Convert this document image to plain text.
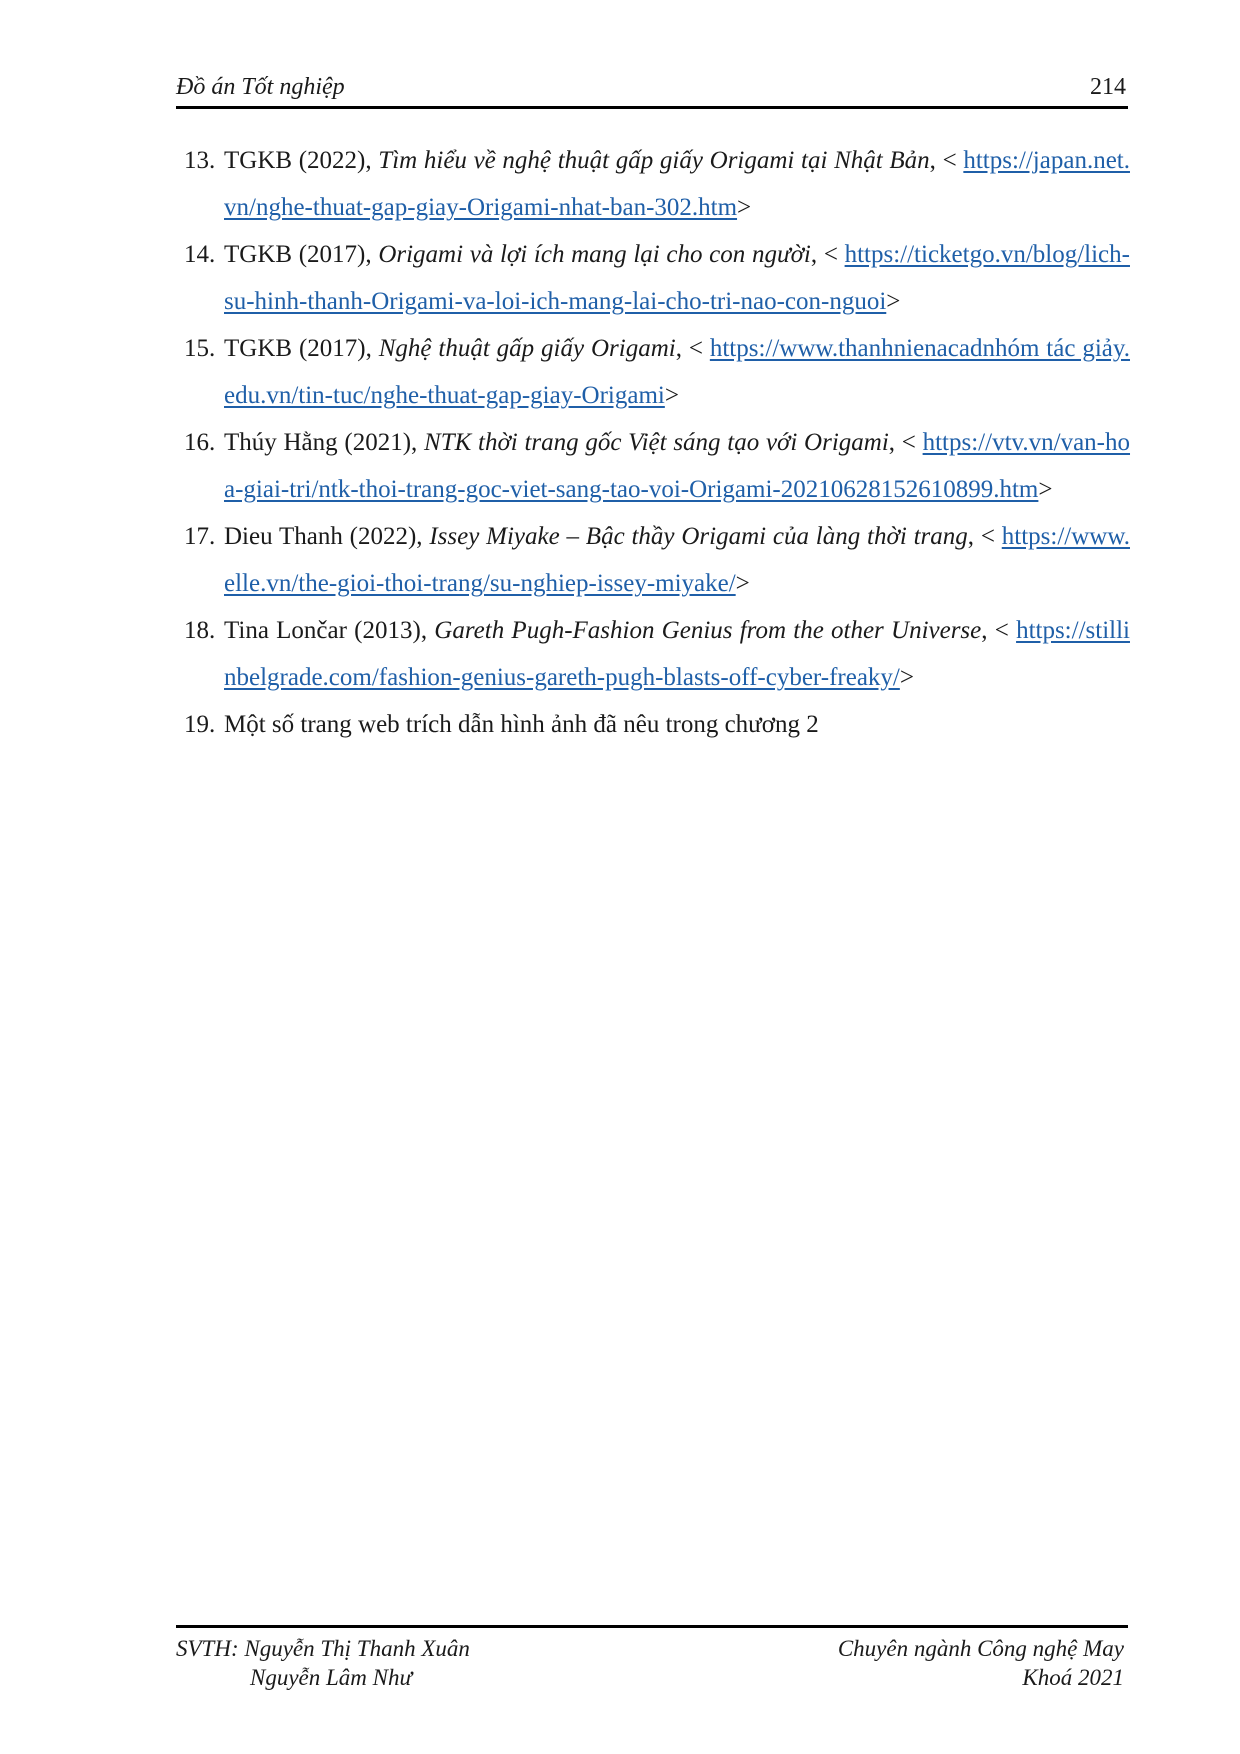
Đồ án Tốt nghiệp	214
13. TGKB (2022), Tìm hiểu về nghệ thuật gấp giấy Origami tại Nhật Bản, < https://japan.net.vn/nghe-thuat-gap-giay-Origami-nhat-ban-302.htm>
14. TGKB (2017), Origami và lợi ích mang lại cho con người, < https://ticketgo.vn/blog/lich-su-hinh-thanh-Origami-va-loi-ich-mang-lai-cho-tri-nao-con-nguoi>
15. TGKB (2017), Nghệ thuật gấp giấy Origami, < https://www.thanhnienacadnhóm tác giảy.edu.vn/tin-tuc/nghe-thuat-gap-giay-Origami>
16. Thúy Hằng (2021), NTK thời trang gốc Việt sáng tạo với Origami, < https://vtv.vn/van-hoa-giai-tri/ntk-thoi-trang-goc-viet-sang-tao-voi-Origami-20210628152610899.htm>
17. Dieu Thanh (2022), Issey Miyake – Bậc thầy Origami của làng thời trang, < https://www.elle.vn/the-gioi-thoi-trang/su-nghiep-issey-miyake/>
18. Tina Lončar (2013), Gareth Pugh-Fashion Genius from the other Universe, < https://stillinbelgrade.com/fashion-genius-gareth-pugh-blasts-off-cyber-freaky/>
19. Một số trang web trích dẫn hình ảnh đã nêu trong chương 2
SVTH: Nguyễn Thị Thanh Xuân
Nguyễn Lâm Như
Chuyên ngành Công nghệ May
Khoá 2021
